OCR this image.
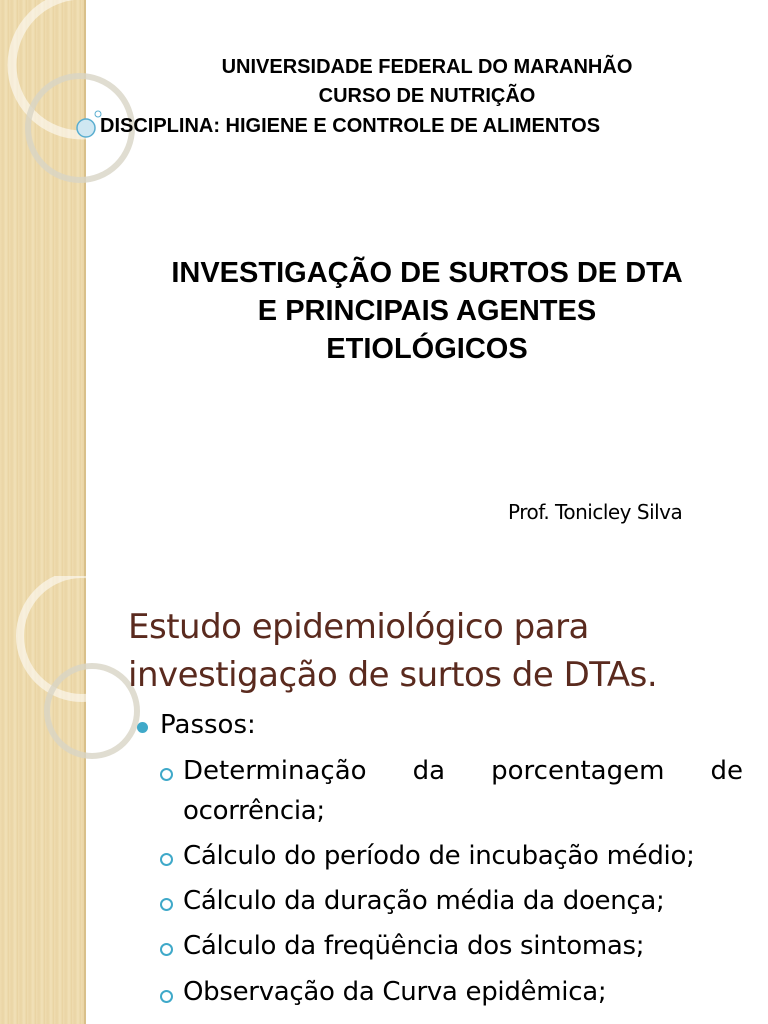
UNIVERSIDADE FEDERAL DO MARANHÃO
CURSO DE NUTRIÇÃO
DISCIPLINA: HIGIENE E CONTROLE DE ALIMENTOS
INVESTIGAÇÃO DE SURTOS DE DTA
E PRINCIPAIS AGENTES
ETIOLÓGICOS
Prof. Tonicley Silva
Estudo epidemiológico para
investigação de surtos de DTAs.
Passos:
Determinação da porcentagem de
ocorrência;
Cálculo do período de incubação médio;
Cálculo da duração média da doença;
Cálculo da freqüência dos sintomas;
Observação da Curva epidêmica;
